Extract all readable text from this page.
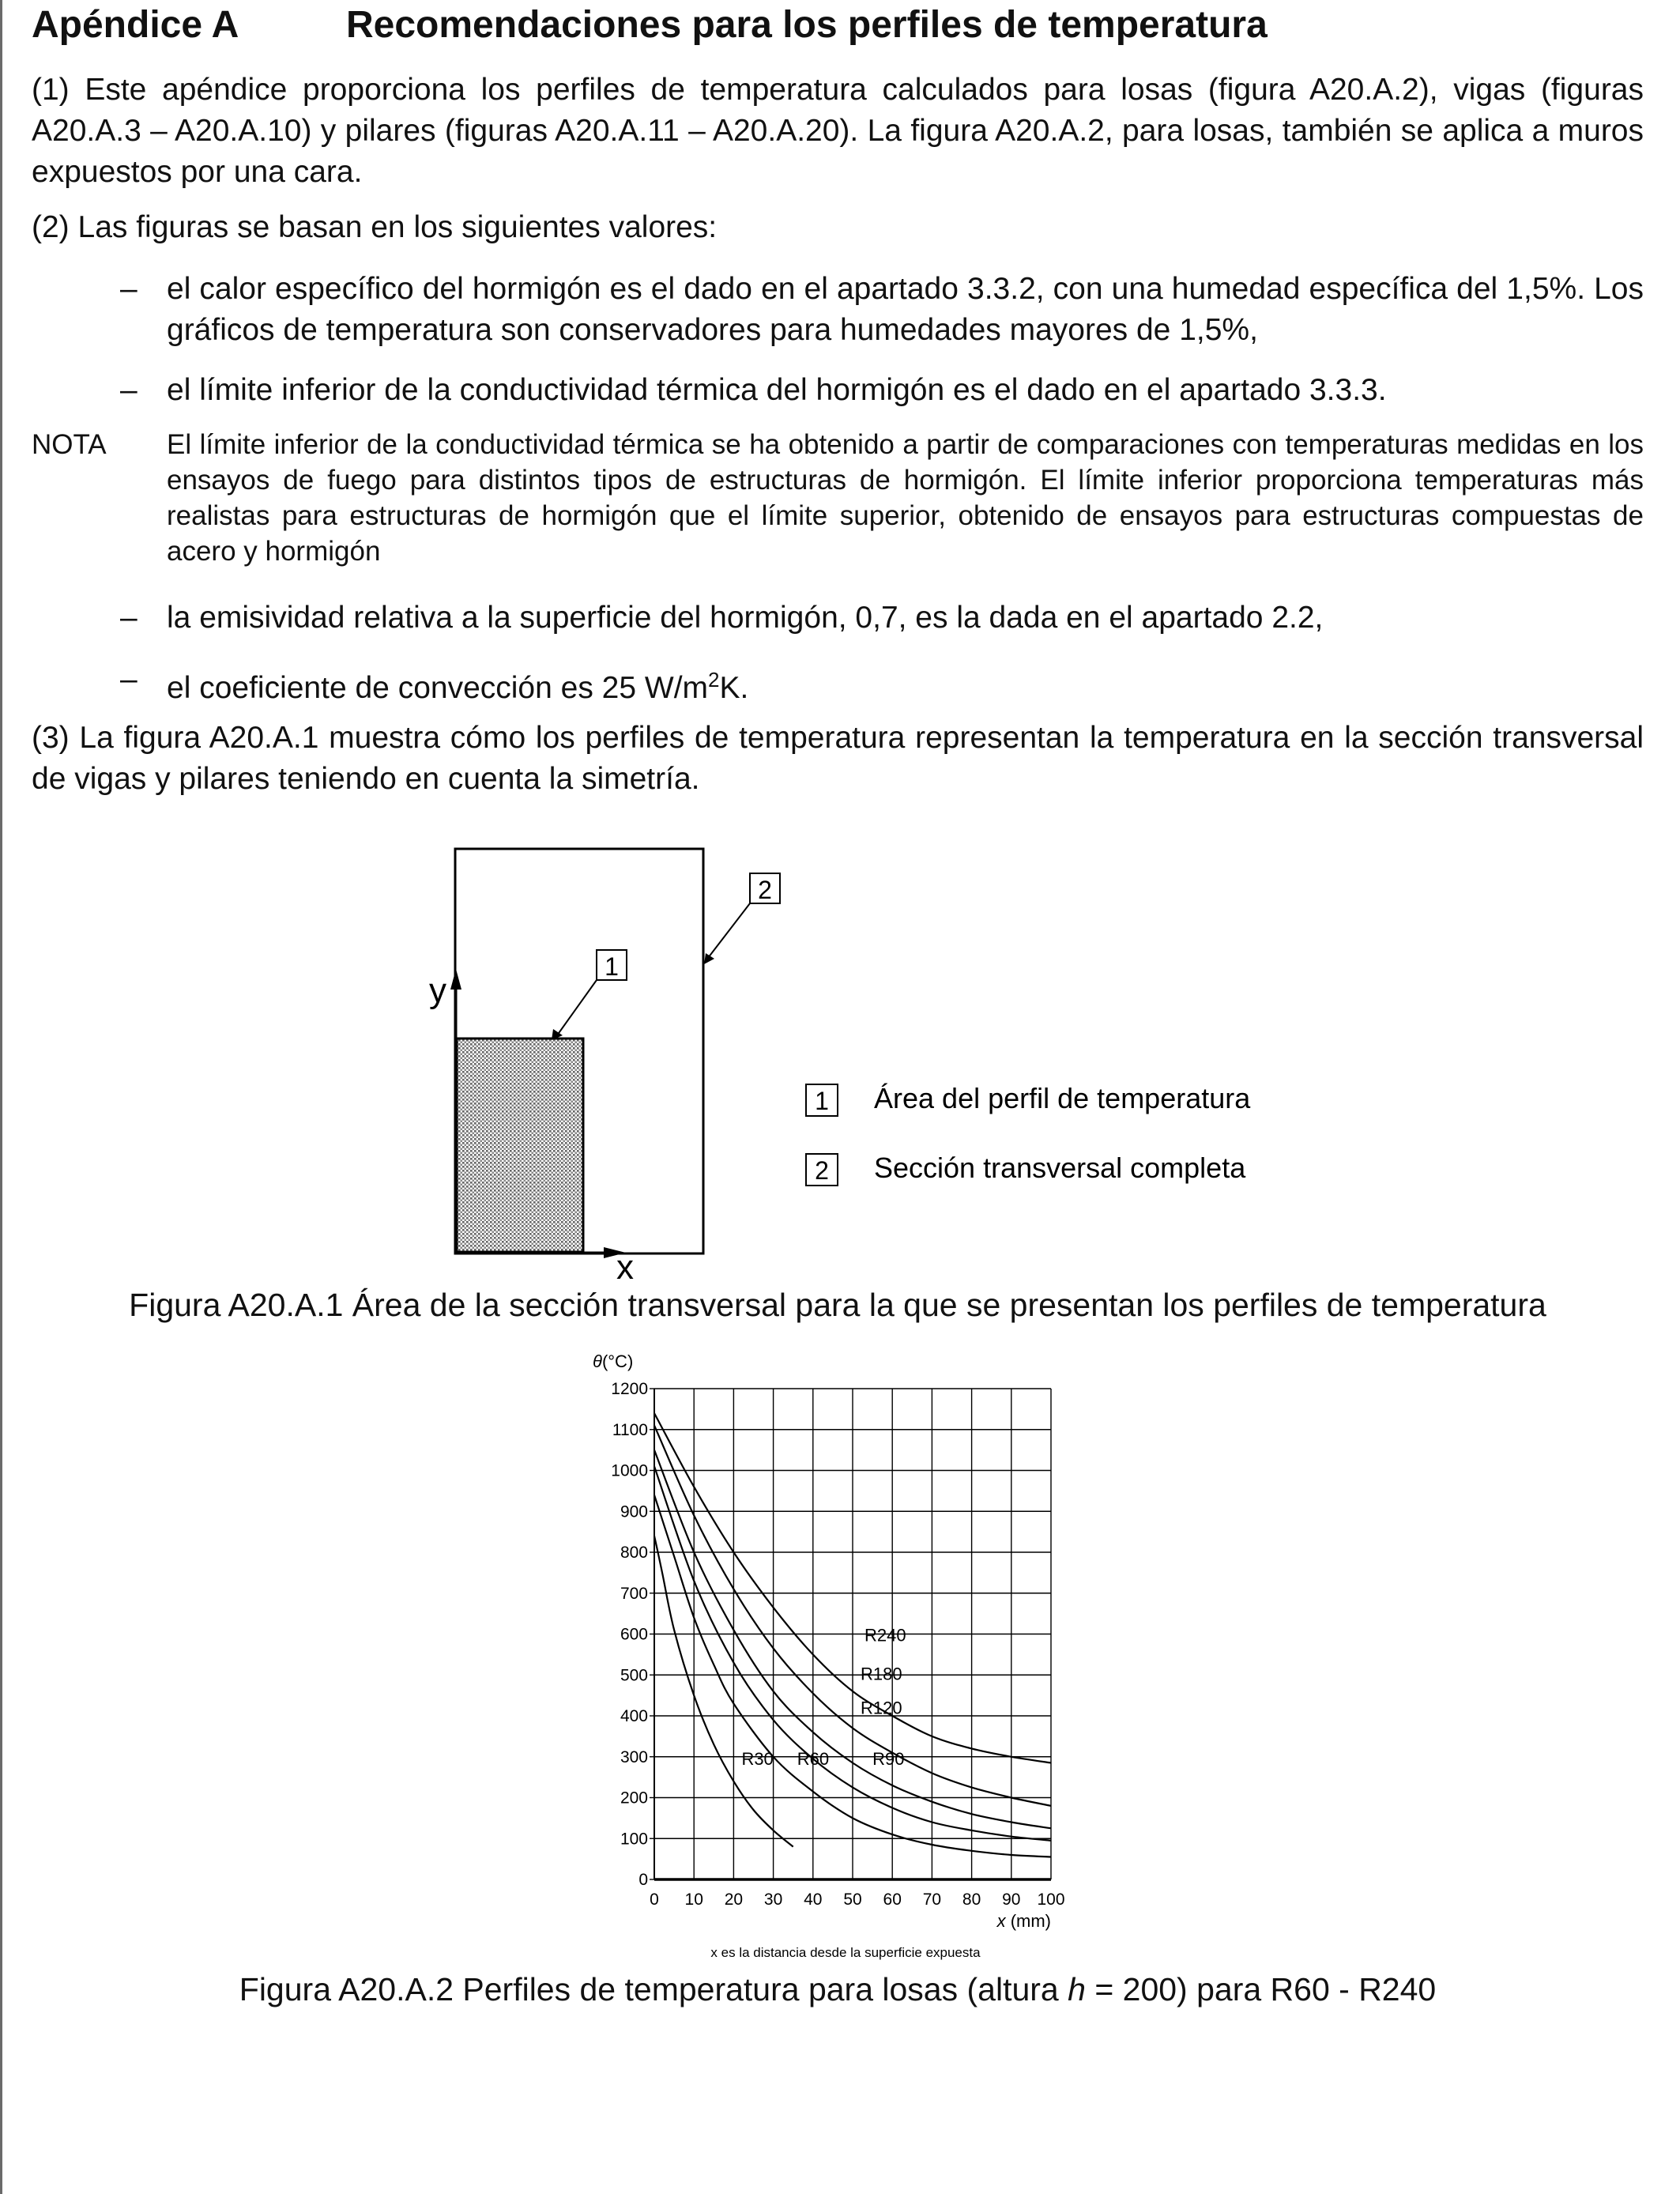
Apéndice A	Recomendaciones para los perfiles de temperatura

(1) Este apéndice proporciona los perfiles de temperatura calculados para losas (figura A20.A.2), vigas (figuras A20.A.3 – A20.A.10) y pilares (figuras A20.A.11 – A20.A.20). La figura A20.A.2, para losas, también se aplica a muros expuestos por una cara.

(2) Las figuras se basan en los siguientes valores:

– el calor específico del hormigón es el dado en el apartado 3.3.2, con una humedad específica del 1,5%. Los gráficos de temperatura son conservadores para humedades mayores de 1,5%,
– el límite inferior de la conductividad térmica del hormigón es el dado en el apartado 3.3.3.
NOTA El límite inferior de la conductividad térmica se ha obtenido a partir de comparaciones con temperaturas medidas en los ensayos de fuego para distintos tipos de estructuras de hormigón. El límite inferior proporciona temperaturas más realistas para estructuras de hormigón que el límite superior, obtenido de ensayos para estructuras compuestas de acero y hormigón
– la emisividad relativa a la superficie del hormigón, 0,7, es la dada en el apartado 2.2,
– el coeficiente de convección es 25 $W/m^2K$.

(3) La figura A20.A.1 muestra cómo los perfiles de temperatura representan la temperatura en la sección transversal de vigas y pilares teniendo en cuenta la simetría.

Figura A20.A.1 Área de la sección transversal para la que se presentan los perfiles de temperatura

Figura A20.A.2 Perfiles de temperatura para losas (altura h = 200) para R60 - R240

y
x
1
2
1 Área del perfil de temperatura
2 Sección transversal completa
θ(°C)
0 10 20 30 40 50 60 70 80 90 100
0
100
200
300
400
500
600
700
800
900
1000
1100
1200
R30 R60	R90
R120
R180
R240
x (mm)
x es la distancia desde la superficie expuesta
